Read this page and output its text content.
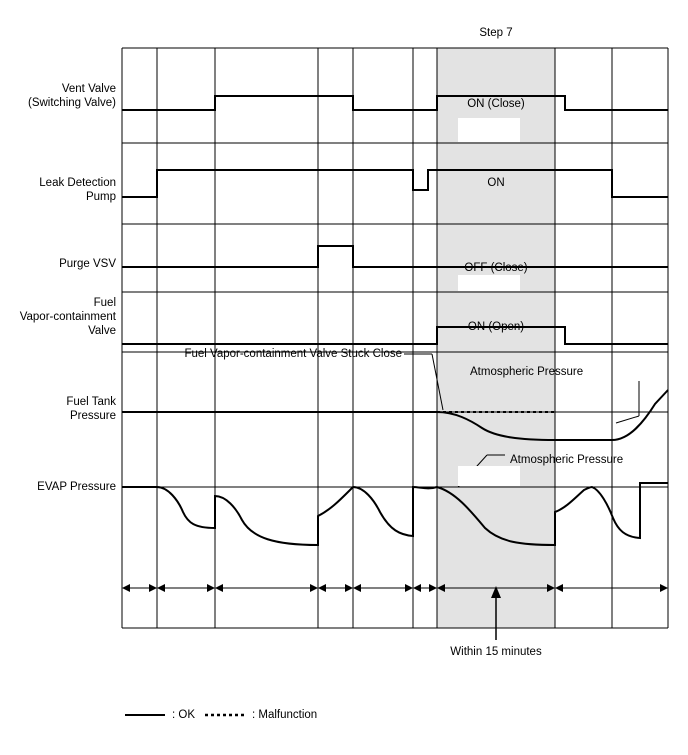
Vent Valve
(Switching Valve)
Leak Detection
Pump
Purge VSV
Fuel
Vapor-containment
Valve
Fuel Tank
Pressure
EVAP Pressure
Step 7
ON (Close)
ON
OFF (Close)
ON (Open)
Fuel Vapor-containment Valve Stuck Close
Atmospheric Pressure
Atmospheric Pressure
Within 15 minutes
: OK	: Malfunction
